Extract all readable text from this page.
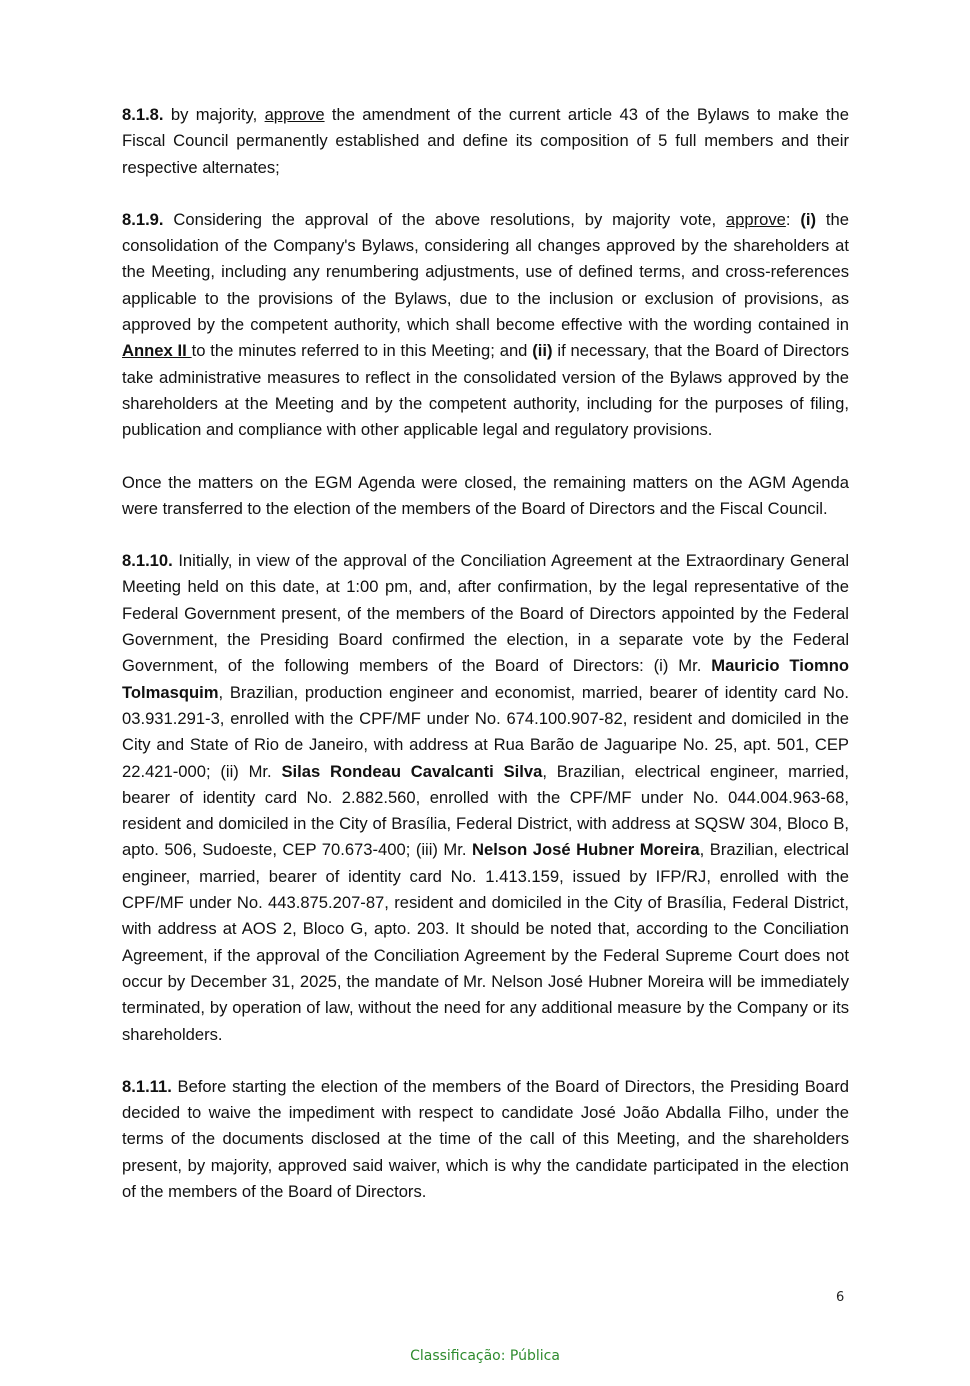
8.1.8. by majority, approve the amendment of the current article 43 of the Bylaws to make the Fiscal Council permanently established and define its composition of 5 full members and their respective alternates;

8.1.9. Considering the approval of the above resolutions, by majority vote, approve: (i) the consolidation of the Company's Bylaws, considering all changes approved by the shareholders at the Meeting, including any renumbering adjustments, use of defined terms, and cross-references applicable to the provisions of the Bylaws, due to the inclusion or exclusion of provisions, as approved by the competent authority, which shall become effective with the wording contained in Annex II to the minutes referred to in this Meeting; and (ii) if necessary, that the Board of Directors take administrative measures to reflect in the consolidated version of the Bylaws approved by the shareholders at the Meeting and by the competent authority, including for the purposes of filing, publication and compliance with other applicable legal and regulatory provisions.

Once the matters on the EGM Agenda were closed, the remaining matters on the AGM Agenda were transferred to the election of the members of the Board of Directors and the Fiscal Council.

8.1.10. Initially, in view of the approval of the Conciliation Agreement at the Extraordinary General Meeting held on this date, at 1:00 pm, and, after confirmation, by the legal representative of the Federal Government present, of the members of the Board of Directors appointed by the Federal Government, the Presiding Board confirmed the election, in a separate vote by the Federal Government, of the following members of the Board of Directors: (i) Mr. Mauricio Tiomno Tolmasquim, Brazilian, production engineer and economist, married, bearer of identity card No. 03.931.291-3, enrolled with the CPF/MF under No. 674.100.907-82, resident and domiciled in the City and State of Rio de Janeiro, with address at Rua Barão de Jaguaripe No. 25, apt. 501, CEP 22.421-000; (ii) Mr. Silas Rondeau Cavalcanti Silva, Brazilian, electrical engineer, married, bearer of identity card No. 2.882.560, enrolled with the CPF/MF under No. 044.004.963-68, resident and domiciled in the City of Brasília, Federal District, with address at SQSW 304, Bloco B, apto. 506, Sudoeste, CEP 70.673-400; (iii) Mr. Nelson José Hubner Moreira, Brazilian, electrical engineer, married, bearer of identity card No. 1.413.159, issued by IFP/RJ, enrolled with the CPF/MF under No. 443.875.207-87, resident and domiciled in the City of Brasília, Federal District, with address at AOS 2, Bloco G, apto. 203. It should be noted that, according to the Conciliation Agreement, if the approval of the Conciliation Agreement by the Federal Supreme Court does not occur by December 31, 2025, the mandate of Mr. Nelson José Hubner Moreira will be immediately terminated, by operation of law, without the need for any additional measure by the Company or its shareholders.

8.1.11. Before starting the election of the members of the Board of Directors, the Presiding Board decided to waive the impediment with respect to candidate José João Abdalla Filho, under the terms of the documents disclosed at the time of the call of this Meeting, and the shareholders present, by majority, approved said waiver, which is why the candidate participated in the election of the members of the Board of Directors.

6
Classificação: Pública
